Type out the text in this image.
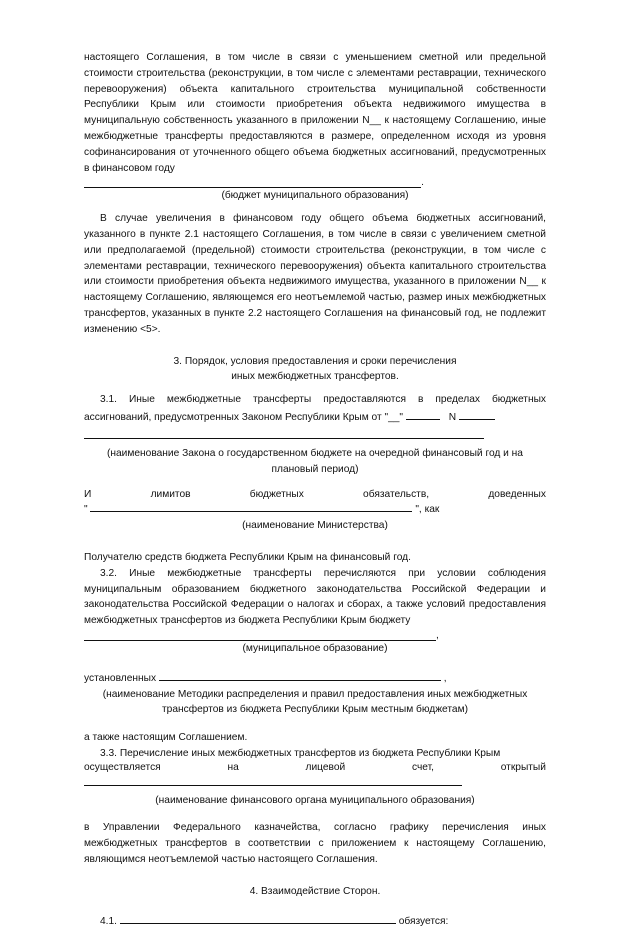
настоящего Соглашения, в том числе в связи с уменьшением сметной или предельной стоимости строительства (реконструкции, в том числе с элементами реставрации, технического перевооружения) объекта капитального строительства муниципальной собственности Республики Крым или стоимости приобретения объекта недвижимого имущества в муниципальную собственность указанного в приложении N__ к настоящему Соглашению, иные межбюджетные трансферты предоставляются в размере, определенном исходя из уровня софинансирования от уточненного общего объема бюджетных ассигнований, предусмотренных в финансовом году

.

(бюджет муниципального образования)

В случае увеличения в финансовом году общего объема бюджетных ассигнований, указанного в пункте 2.1 настоящего Соглашения, в том числе в связи с увеличением сметной или предполагаемой (предельной) стоимости строительства (реконструкции, в том числе с элементами реставрации, технического перевооружения) объекта капитального строительства или стоимости приобретения объекта недвижимого имущества, указанного в приложении N__ к настоящему Соглашению, являющемся его неотъемлемой частью, размер иных межбюджетных трансфертов, указанных в пункте 2.2 настоящего Соглашения на финансовый год, не подлежит изменению <5>.

3. Порядок, условия предоставления и сроки перечисления

иных межбюджетных трансфертов.

3.1. Иные межбюджетные трансферты предоставляются в пределах бюджетных ассигнований, предусмотренных Законом Республики Крым от "__"	N

(наименование Закона о государственном бюджете на очередной финансовый год и на плановый период)

И	лимитов	бюджетных	обязательств,	доведенных

"	", как

(наименование Министерства)

Получателю средств бюджета Республики Крым на финансовый год.

3.2. Иные межбюджетные трансферты перечисляются при условии соблюдения муниципальным образованием бюджетного законодательства Российской Федерации и законодательства Российской Федерации о налогах и сборах, а также условий предоставления межбюджетных трансфертов из бюджета Республики Крым бюджету

,

(муниципальное образование)

установленных	,

(наименование Методики распределения и правил предоставления иных межбюджетных трансфертов из бюджета Республики Крым местным бюджетам)

а также настоящим Соглашением.

3.3. Перечисление иных межбюджетных трансфертов из бюджета Республики Крым

осуществляется	на	лицевой	счет,	открытый

(наименование финансового органа муниципального образования)

в Управлении Федерального казначейства, согласно графику перечисления иных межбюджетных трансфертов в соответствии с приложением к настоящему Соглашению, являющимся неотъемлемой частью настоящего Соглашения.

4. Взаимодействие Сторон.

4.1.	обязуется:
